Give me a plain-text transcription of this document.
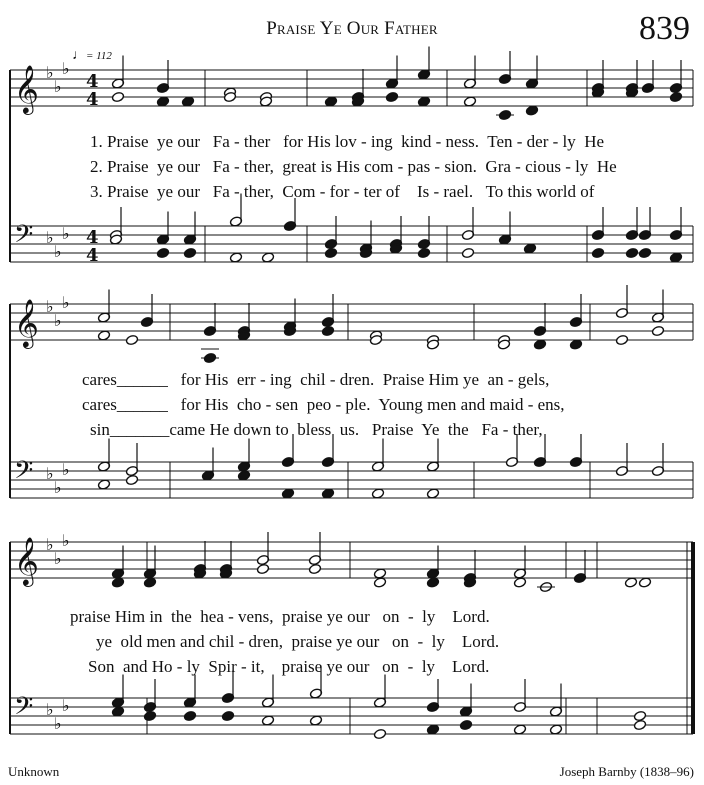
Praise Ye Our Father	839
♩= 112
𝄞 ♭
♭
♭
4
4
𝄢 ♭
♭
♭ 4
4
𝄞 ♭
♭
♭
𝄢 ♭
♭
♭
𝄞 ♭
♭
♭
𝄢 ♭
♭
♭
1. Praise  ye our   Fa - ther   for His lov - ing  kind - ness.  Ten - der - ly  He
2. Praise  ye our   Fa - ther,  great is His com - pas - sion.  Gra - cious - ly  He
3. Praise  ye our   Fa - ther,  Com - for - ter of    Is - rael.   To this world of
cares______   for His  err - ing  chil - dren.  Praise Him ye  an - gels,
cares______   for His  cho - sen  peo - ple.  Young men and maid - ens,
sin_______came He down to  bless  us.   Praise  Ye  the   Fa - ther,
praise Him in  the  hea - vens,  praise ye our   on  -  ly    Lord.
ye  old men and chil - dren,  praise ye our   on  -  ly    Lord.
Son  and Ho - ly  Spir - it,    praise ye our   on  -  ly    Lord.
Unknown	Joseph Barnby (1838–96)
